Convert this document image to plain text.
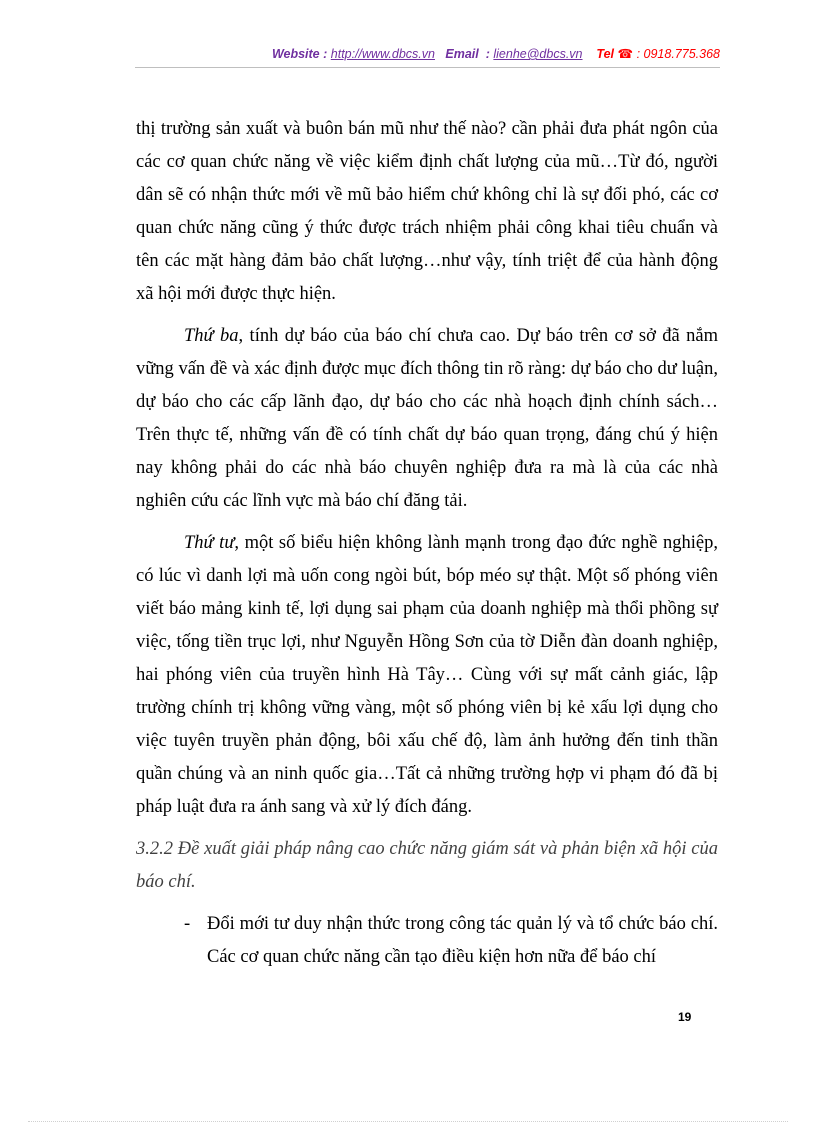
Website : http://www.dbcs.vn Email : lienhe@dbcs.vn Tel ☎ : 0918.775.368

thị trường sản xuất và buôn bán mũ như thế nào? cần phải đưa phát ngôn của các cơ quan chức năng về việc kiểm định chất lượng của mũ…Từ đó, người dân sẽ có nhận thức mới về mũ bảo hiểm chứ không chỉ là sự đối phó, các cơ quan chức năng cũng ý thức được trách nhiệm phải công khai tiêu chuẩn và tên các mặt hàng đảm bảo chất lượng…như vậy, tính triệt để của hành động xã hội mới được thực hiện.

Thứ ba, tính dự báo của báo chí chưa cao. Dự báo trên cơ sở đã nắm vững vấn đề và xác định được mục đích thông tin rõ ràng: dự báo cho dư luận, dự báo cho các cấp lãnh đạo, dự báo cho các nhà hoạch định chính sách…Trên thực tế, những vấn đề có tính chất dự báo quan trọng, đáng chú ý hiện nay không phải do các nhà báo chuyên nghiệp đưa ra mà là của các nhà nghiên cứu các lĩnh vực mà báo chí đăng tải.

Thứ tư, một số biểu hiện không lành mạnh trong đạo đức nghề nghiệp, có lúc vì danh lợi mà uốn cong ngòi bút, bóp méo sự thật. Một số phóng viên viết báo mảng kinh tế, lợi dụng sai phạm của doanh nghiệp mà thổi phồng sự việc, tống tiền trục lợi, như Nguyễn Hồng Sơn của tờ Diễn đàn doanh nghiệp, hai phóng viên của truyền hình Hà Tây… Cùng với sự mất cảnh giác, lập trường chính trị không vững vàng, một số phóng viên bị kẻ xấu lợi dụng cho việc tuyên truyền phản động, bôi xấu chế độ, làm ảnh hưởng đến tinh thần quần chúng và an ninh quốc gia…Tất cả những trường hợp vi phạm đó đã bị pháp luật đưa ra ánh sang và xử lý đích đáng.

3.2.2 Đề xuất giải pháp nâng cao chức năng giám sát và phản biện xã hội của báo chí.

- Đổi mới tư duy nhận thức trong công tác quản lý và tổ chức báo chí. Các cơ quan chức năng cần tạo điều kiện hơn nữa để báo chí
19
